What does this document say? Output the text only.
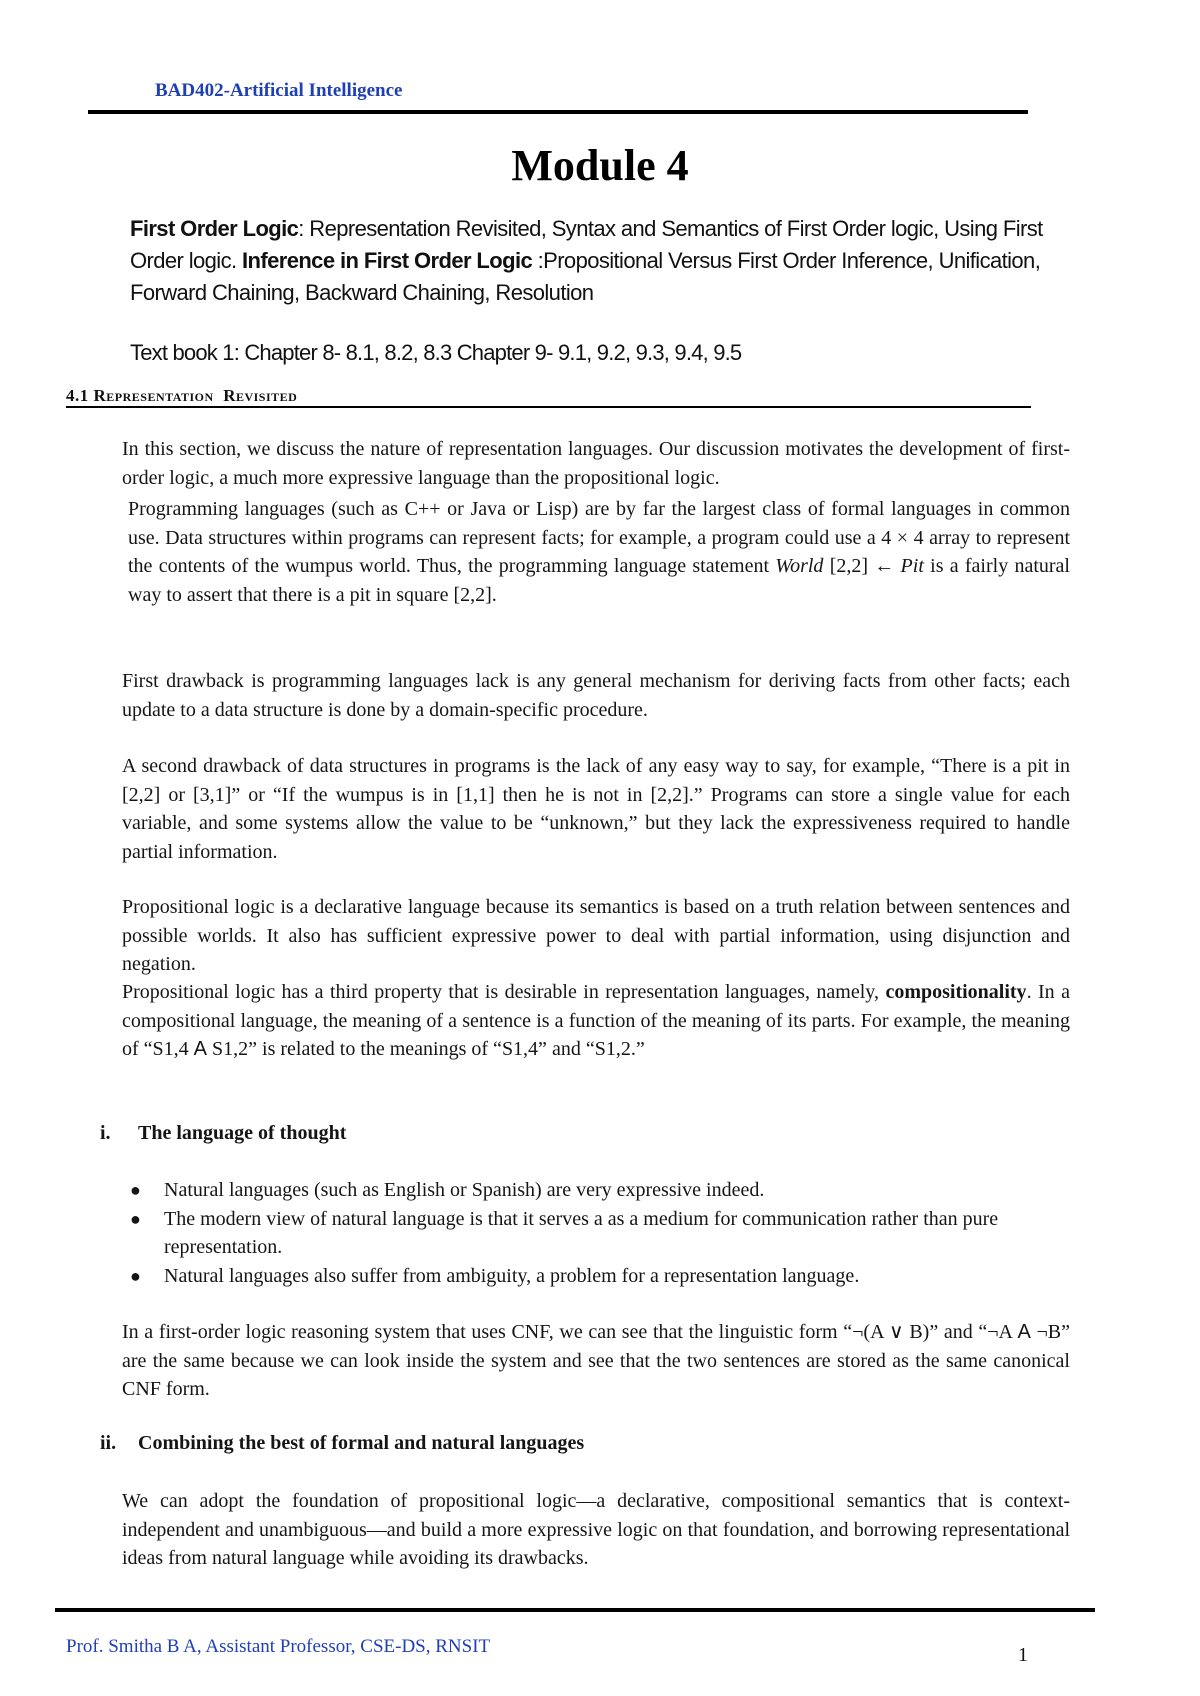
BAD402-Artificial Intelligence
Module 4
First Order Logic: Representation Revisited, Syntax and Semantics of First Order logic, Using First Order logic. Inference in First Order Logic :Propositional Versus First Order Inference, Unification, Forward Chaining, Backward Chaining, Resolution
Text book 1: Chapter 8- 8.1, 8.2, 8.3 Chapter 9- 9.1, 9.2, 9.3, 9.4, 9.5
4.1 Representation Revisited
In this section, we discuss the nature of representation languages. Our discussion motivates the development of first-order logic, a much more expressive language than the propositional logic.
Programming languages (such as C++ or Java or Lisp) are by far the largest class of formal languages in common use. Data structures within programs can represent facts; for example, a program could use a 4 × 4 array to represent the contents of the wumpus world. Thus, the programming language statement World [2,2] ← Pit is a fairly natural way to assert that there is a pit in square [2,2].
First drawback is programming languages lack is any general mechanism for deriving facts from other facts; each update to a data structure is done by a domain-specific procedure.
A second drawback of data structures in programs is the lack of any easy way to say, for example, “There is a pit in [2,2] or [3,1]” or “If the wumpus is in [1,1] then he is not in [2,2].” Programs can store a single value for each variable, and some systems allow the value to be “unknown,” but they lack the expressiveness required to handle partial information.
Propositional logic is a declarative language because its semantics is based on a truth relation between sentences and possible worlds. It also has sufficient expressive power to deal with partial information, using disjunction and negation.
Propositional logic has a third property that is desirable in representation languages, namely, compositionality. In a compositional language, the meaning of a sentence is a function of the meaning of its parts. For example, the meaning of “S1,4 A S1,2” is related to the meanings of “S1,4” and “S1,2.”
i. The language of thought
● Natural languages (such as English or Spanish) are very expressive indeed.
● The modern view of natural language is that it serves a as a medium for communication rather than pure representation.
● Natural languages also suffer from ambiguity, a problem for a representation language.
In a first-order logic reasoning system that uses CNF, we can see that the linguistic form “¬(A ∨ B)” and “¬A A ¬B” are the same because we can look inside the system and see that the two sentences are stored as the same canonical CNF form.
ii. Combining the best of formal and natural languages
We can adopt the foundation of propositional logic—a declarative, compositional semantics that is context-independent and unambiguous—and build a more expressive logic on that foundation, and borrowing representational ideas from natural language while avoiding its drawbacks.
Prof. Smitha B A, Assistant Professor, CSE-DS, RNSIT	1
